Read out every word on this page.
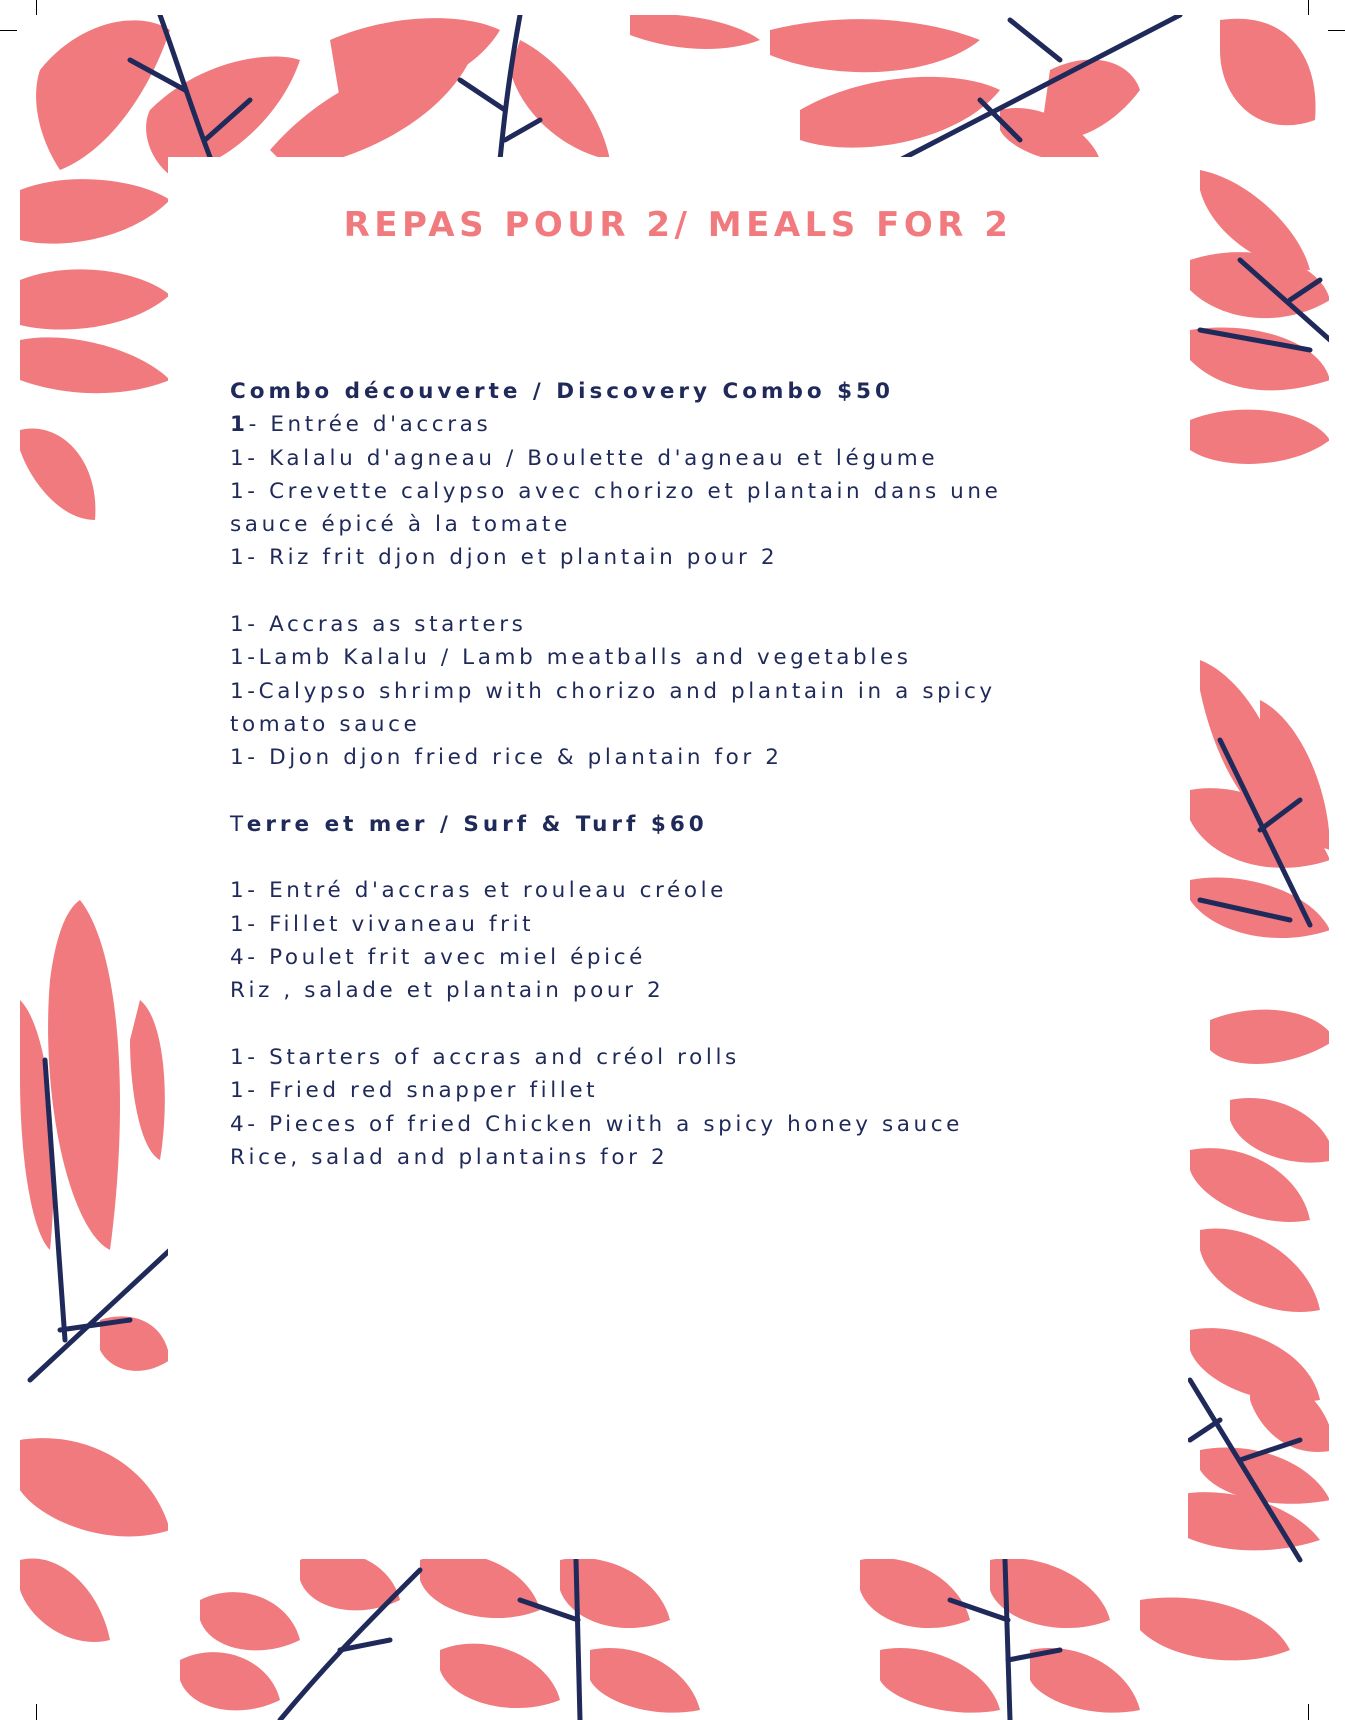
REPAS POUR 2/ MEALS FOR 2
Combo découverte / Discovery Combo $50
1- Entrée d'accras
1- Kalalu d'agneau / Boulette d'agneau et légume
1- Crevette calypso avec chorizo et plantain dans une
sauce épicé à la tomate
1- Riz frit djon djon et plantain pour 2
1- Accras as starters
1-Lamb Kalalu / Lamb meatballs and vegetables
1-Calypso shrimp with chorizo and plantain in a spicy
tomato sauce
1- Djon djon fried rice & plantain for 2
Terre et mer / Surf & Turf $60
1- Entré d'accras et rouleau créole
1- Fillet vivaneau frit
4- Poulet frit avec miel épicé
Riz , salade et plantain pour 2
1- Starters of accras and créol rolls
1- Fried red snapper fillet
4- Pieces of fried Chicken with a spicy honey sauce
Rice, salad and plantains for 2
